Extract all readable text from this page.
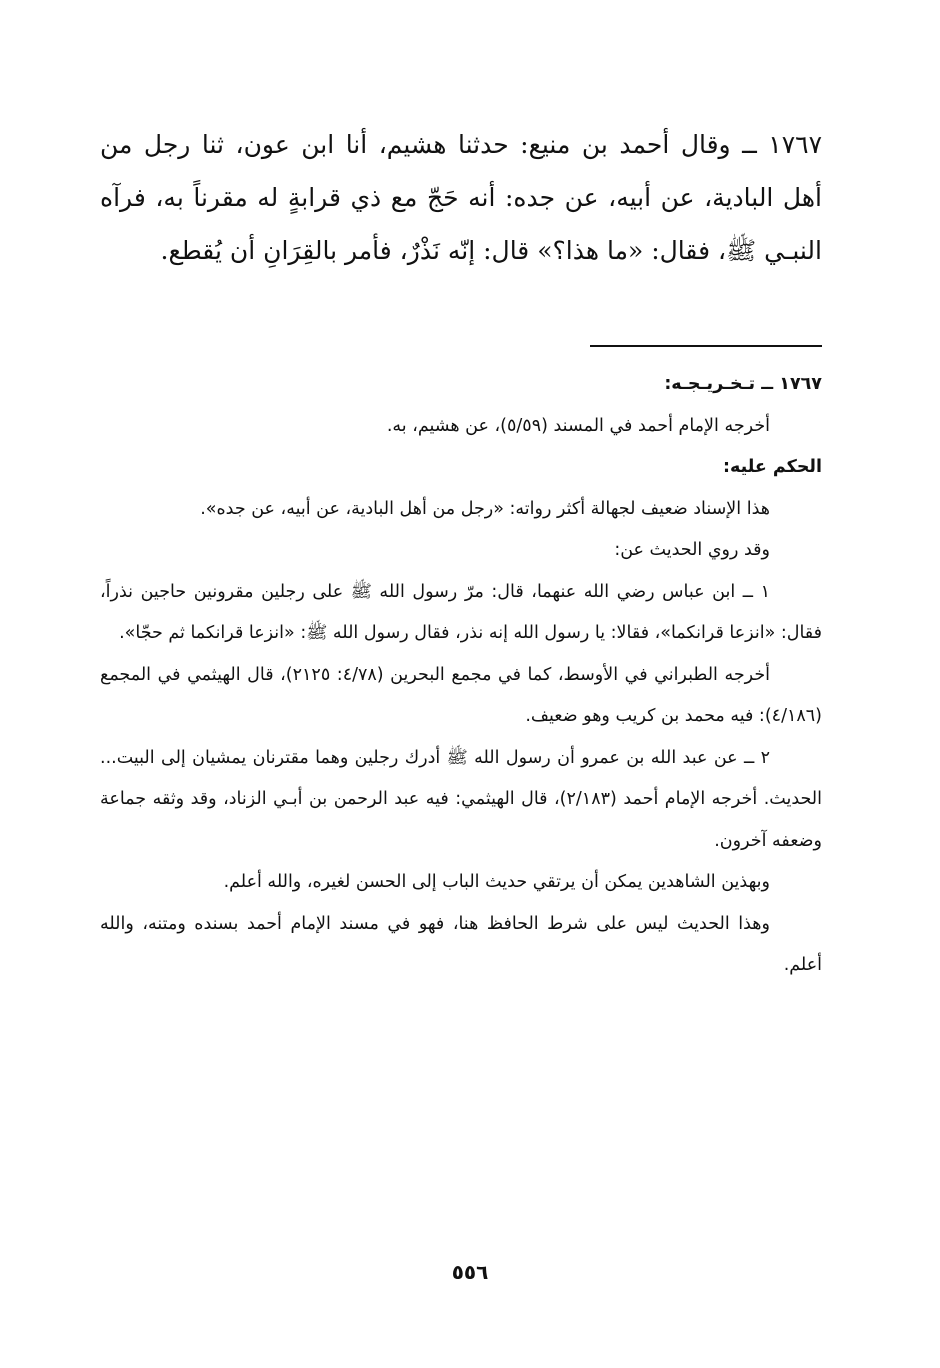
١٧٦٧ ــ وقال أحمد بن منيع: حدثنا هشيم، أنا ابن عون، ثنا رجل من أهل البادية، عن أبيه، عن جده: أنه حَجّ مع ذي قرابةٍ له مقرناً به، فرآه النبـي ﷺ، فقال: «ما هذا؟» قال: إنّه نَذْرٌ، فأمر بالقِرَانِ أن يُقطع.

١٧٦٧ ــ تـخـريـجـه:

أخرجه الإمام أحمد في المسند (٥/٥٩)، عن هشيم، به.

الحكم عليه:

هذا الإسناد ضعيف لجهالة أكثر رواته: «رجل من أهل البادية، عن أبيه، عن جده».

وقد روي الحديث عن:

١ ــ ابن عباس رضي الله عنهما، قال: مرّ رسول الله ﷺ على رجلين مقرونين حاجين نذراً، فقال: «انزعا قرانكما»، فقالا: يا رسول الله إنه نذر، فقال رسول الله ﷺ: «انزعا قرانكما ثم حجّا».

أخرجه الطبراني في الأوسط، كما في مجمع البحرين (٤/٧٨: ٢١٢٥)، قال الهيثمي في المجمع (٤/١٨٦): فيه محمد بن كريب وهو ضعيف.

٢ ــ عن عبد الله بن عمرو أن رسول الله ﷺ أدرك رجلين وهما مقترنان يمشيان إلى البيت... الحديث. أخرجه الإمام أحمد (٢/١٨٣)، قال الهيثمي: فيه عبد الرحمن بن أبـي الزناد، وقد وثقه جماعة وضعفه آخرون.

وبهذين الشاهدين يمكن أن يرتقي حديث الباب إلى الحسن لغيره، والله أعلم.

وهذا الحديث ليس على شرط الحافظ هنا، فهو في مسند الإمام أحمد بسنده ومتنه، والله أعلم.

٥٥٦
